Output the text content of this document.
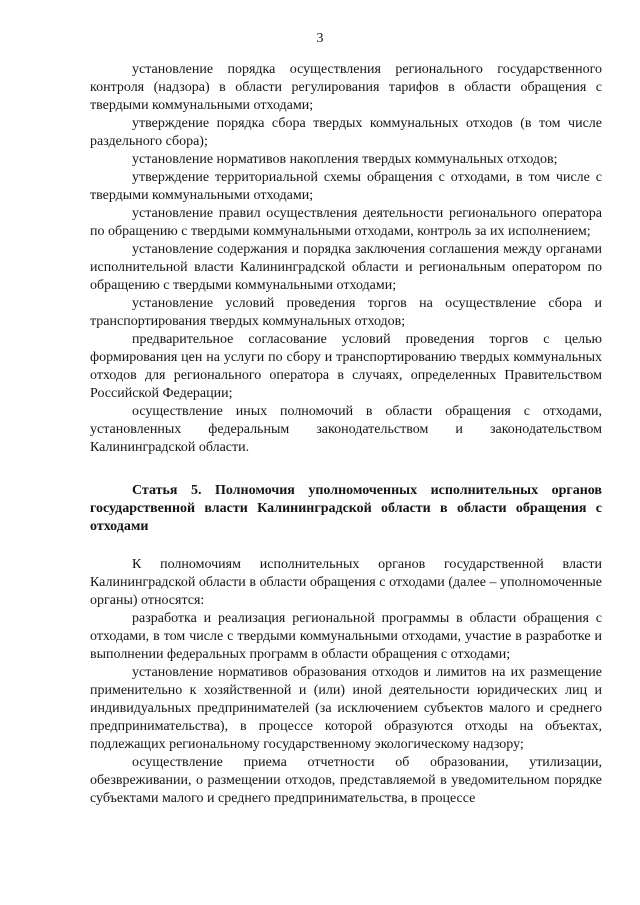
3

установление порядка осуществления регионального государственного контроля (надзора) в области регулирования тарифов в области обращения с твердыми коммунальными отходами;

утверждение порядка сбора твердых коммунальных отходов (в том числе раздельного сбора);

установление нормативов накопления твердых коммунальных отходов;

утверждение территориальной схемы обращения с отходами, в том числе с твердыми коммунальными отходами;

установление правил осуществления деятельности регионального оператора по обращению с твердыми коммунальными отходами, контроль за их исполнением;

установление содержания и порядка заключения соглашения между органами исполнительной власти Калининградской области и региональным оператором по обращению с твердыми коммунальными отходами;

установление условий проведения торгов на осуществление сбора и транспортирования твердых коммунальных отходов;

предварительное согласование условий проведения торгов с целью формирования цен на услуги по сбору и транспортированию твердых коммунальных отходов для регионального оператора в случаях, определенных Правительством Российской Федерации;

осуществление иных полномочий в области обращения с отходами, установленных федеральным законодательством и законодательством Калининградской области.

Статья 5. Полномочия уполномоченных исполнительных органов государственной власти Калининградской области в области обращения с отходами

К полномочиям исполнительных органов государственной власти Калининградской области в области обращения с отходами (далее – уполномоченные органы) относятся:

разработка и реализация региональной программы в области обращения с отходами, в том числе с твердыми коммунальными отходами, участие в разработке и выполнении федеральных программ в области обращения с отходами;

установление нормативов образования отходов и лимитов на их размещение применительно к хозяйственной и (или) иной деятельности юридических лиц и индивидуальных предпринимателей (за исключением субъектов малого и среднего предпринимательства), в процессе которой образуются отходы на объектах, подлежащих региональному государственному экологическому надзору;

осуществление приема отчетности об образовании, утилизации, обезвреживании, о размещении отходов, представляемой в уведомительном порядке субъектами малого и среднего предпринимательства, в процессе
